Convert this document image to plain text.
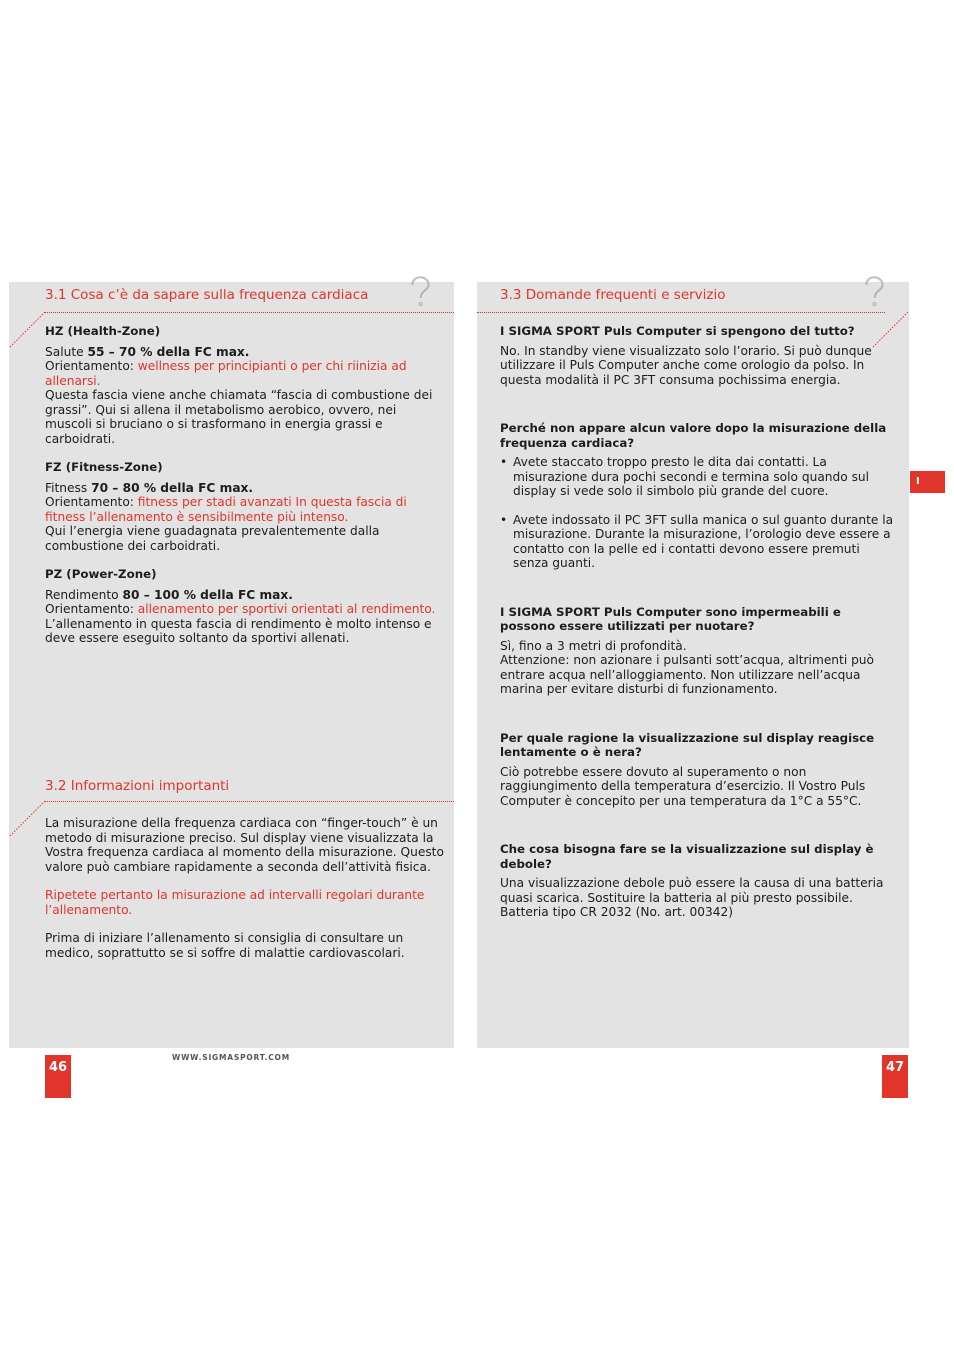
3.1 Cosa c’è da sapare sulla frequenza cardiaca

HZ (Health-Zone)

Salute 55 – 70 % della FC max.

Orientamento: wellness per principianti o per chi riinizia ad allenarsi.

Questa fascia viene anche chiamata “fascia di combustione dei grassi”. Qui si allena il metabolismo aerobico, ovvero, nei muscoli si bruciano o si trasformano in energia grassi e carboidrati.

FZ (Fitness-Zone)

Fitness 70 – 80 % della FC max.

Orientamento: fitness per stadi avanzati In questa fascia di fitness l’allenamento è sensibilmente più intenso.

Qui l’energia viene guadagnata prevalentemente dalla combustione dei carboidrati.

PZ (Power-Zone)

Rendimento 80 – 100 % della FC max.

Orientamento: allenamento per sportivi orientati al rendimento.

L’allenamento in questa fascia di rendimento è molto intenso e deve essere eseguito soltanto da sportivi allenati.

3.2 Informazioni importanti

La misurazione della frequenza cardiaca con “finger-touch” è un metodo di misurazione preciso. Sul display viene visualizzata la Vostra frequenza cardiaca al momento della misurazione. Questo valore può cambiare rapidamente a seconda dell’attività fisica.

Ripetete pertanto la misurazione ad intervalli regolari durante l’allenamento.

Prima di iniziare l’allenamento si consiglia di consultare un medico, soprattutto se si soffre di malattie cardiovascolari.

46
WWW.SIGMASPORT.COM
3.3 Domande frequenti e servizio

I SIGMA SPORT Puls Computer si spengono del tutto?

No. In standby viene visualizzato solo l’orario. Si può dunque utilizzare il Puls Computer anche come orologio da polso. In questa modalità il PC 3FT consuma pochissima energia.

Perché non appare alcun valore dopo la misurazione della frequenza cardiaca?

• Avete staccato troppo presto le dita dai contatti. La misurazione dura pochi secondi e termina solo quando sul display si vede solo il simbolo più grande del cuore.
• Avete indossato il PC 3FT sulla manica o sul guanto durante la misurazione. Durante la misurazione, l’orologio deve essere a contatto con la pelle ed i contatti devono essere premuti senza guanti.

I SIGMA SPORT Puls Computer sono impermeabili e possono essere utilizzati per nuotare?

Sì, fino a 3 metri di profondità.

Attenzione: non azionare i pulsanti sott’acqua, altrimenti può entrare acqua nell’alloggiamento. Non utilizzare nell’acqua marina per evitare disturbi di funzionamento.

Per quale ragione la visualizzazione sul display reagisce lentamente o è nera?

Ciò potrebbe essere dovuto al superamento o non raggiungimento della temperatura d’esercizio. Il Vostro Puls Computer è concepito per una temperatura da 1°C a 55°C.

Che cosa bisogna fare se la visualizzazione sul display è debole?

Una visualizzazione debole può essere la causa di una batteria quasi scarica. Sostituire la batteria al più presto possibile. Batteria tipo CR 2032 (No. art. 00342)

I
47
